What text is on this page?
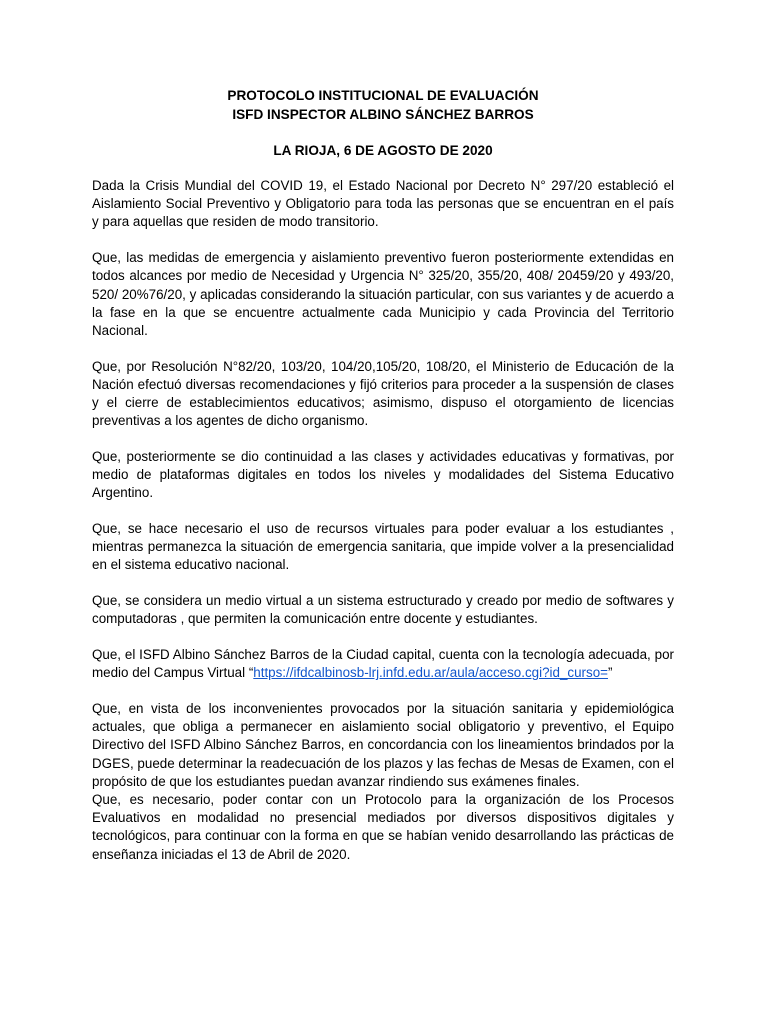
PROTOCOLO INSTITUCIONAL DE EVALUACIÓN

ISFD INSPECTOR ALBINO SÁNCHEZ BARROS

LA RIOJA, 6 DE AGOSTO DE 2020

Dada la Crisis Mundial del COVID 19, el Estado Nacional por Decreto N° 297/20 estableció el Aislamiento Social Preventivo y Obligatorio para toda las personas que se encuentran en el país y para aquellas que residen de modo transitorio.

Que, las medidas de emergencia y aislamiento preventivo fueron posteriormente extendidas en todos alcances por medio de Necesidad y Urgencia N° 325/20, 355/20, 408/ 20459/20 y 493/20, 520/ 20%76/20, y aplicadas considerando la situación particular, con sus variantes y de acuerdo a la fase en la que se encuentre actualmente cada Municipio y cada Provincia del Territorio Nacional.

Que, por Resolución N°82/20, 103/20, 104/20,105/20, 108/20, el Ministerio de Educación de la Nación efectuó diversas recomendaciones y fijó criterios para proceder a la suspensión de clases y el cierre de establecimientos educativos; asimismo, dispuso el otorgamiento de licencias preventivas a los agentes de dicho organismo.

Que, posteriormente se dio continuidad a las clases y actividades educativas y formativas, por medio de plataformas digitales en todos los niveles y modalidades del Sistema Educativo Argentino.

Que, se hace necesario el uso de recursos virtuales para poder evaluar a los estudiantes , mientras permanezca la situación de emergencia sanitaria, que impide volver a la presencialidad en el sistema educativo nacional.

Que, se considera un medio virtual a un sistema estructurado y creado por medio de softwares y computadoras , que permiten la comunicación entre docente y estudiantes.

Que, el ISFD Albino Sánchez Barros de la Ciudad capital, cuenta con la tecnología adecuada, por medio del Campus Virtual “https://ifdcalbinosb-lrj.infd.edu.ar/aula/acceso.cgi?id_curso=”

Que, en vista de los inconvenientes provocados por la situación sanitaria y epidemiológica actuales, que obliga a permanecer en aislamiento social obligatorio y preventivo, el Equipo Directivo del ISFD Albino Sánchez Barros, en concordancia con los lineamientos brindados por la DGES, puede determinar la readecuación de los plazos y las fechas de Mesas de Examen, con el propósito de que los estudiantes puedan avanzar rindiendo sus exámenes finales.

Que, es necesario, poder contar con un Protocolo para la organización de los Procesos Evaluativos en modalidad no presencial mediados por diversos dispositivos digitales y tecnológicos, para continuar con la forma en que se habían venido desarrollando las prácticas de enseñanza iniciadas el 13 de Abril de 2020.
